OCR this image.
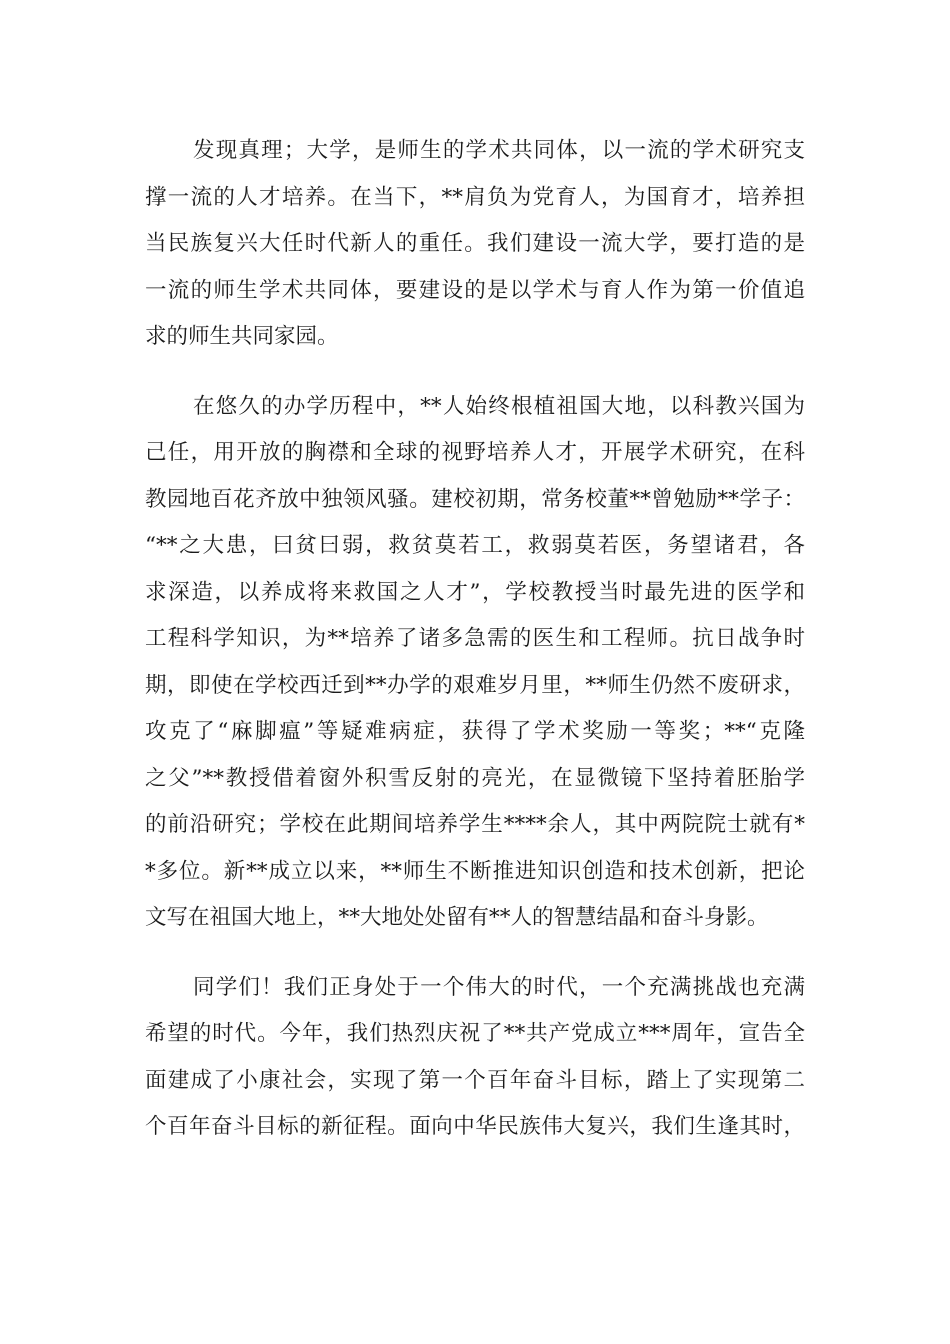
发现真理；大学，是师生的学术共同体，以一流的学术研究支
撑一流的人才培养。在当下，**肩负为党育人，为国育才，培养担
当民族复兴大任时代新人的重任。我们建设一流大学，要打造的是
一流的师生学术共同体，要建设的是以学术与育人作为第一价值追
求的师生共同家园。

在悠久的办学历程中，**人始终根植祖国大地，以科教兴国为
己任，用开放的胸襟和全球的视野培养人才，开展学术研究，在科
教园地百花齐放中独领风骚。建校初期，常务校董**曾勉励**学子：
“**之大患，曰贫曰弱，救贫莫若工，救弱莫若医，务望诸君，各
求深造，以养成将来救国之人才”，学校教授当时最先进的医学和
工程科学知识，为**培养了诸多急需的医生和工程师。抗日战争时
期，即使在学校西迁到**办学的艰难岁月里，**师生仍然不废研求，
攻克了“麻脚瘟”等疑难病症，获得了学术奖励一等奖；**“克隆
之父”**教授借着窗外积雪反射的亮光，在显微镜下坚持着胚胎学
的前沿研究；学校在此期间培养学生****余人，其中两院院士就有*
*多位。新**成立以来，**师生不断推进知识创造和技术创新，把论
文写在祖国大地上，**大地处处留有**人的智慧结晶和奋斗身影。

同学们！我们正身处于一个伟大的时代，一个充满挑战也充满
希望的时代。今年，我们热烈庆祝了**共产党成立***周年，宣告全
面建成了小康社会，实现了第一个百年奋斗目标，踏上了实现第二
个百年奋斗目标的新征程。面向中华民族伟大复兴，我们生逢其时，
